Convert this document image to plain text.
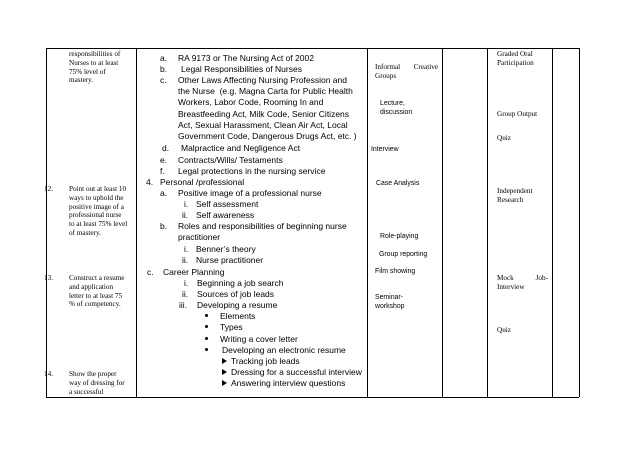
responsibilities of
Nurses to at least
75% level of
mastery.
12. Point out at least 10
ways to uphold the
positive image of a
professional nurse
to at least 75% level
of mastery.
13. Construct a resume
and application
letter to at least 75
% of competency.
14. Show the proper
way of dressing for
a successful
a. RA 9173 or The Nursing Act of 2002
b. Legal Responsibilities of Nurses
c. Other Laws Affecting Nursing Profession and
the Nurse  (e.g. Magna Carta for Public Health
Workers, Labor Code, Rooming In and
Breastfeeding Act, Milk Code, Senior Citizens
Act, Sexual Harassment, Clean Air Act, Local
Government Code, Dangerous Drugs Act, etc. )
d. Malpractice and Negligence Act
e. Contracts/Wills/ Testaments
f. Legal protections in the nursing service
4. Personal /professional
a. Positive image of a professional nurse
i. Self assessment
ii. Self awareness
b. Roles and responsibilities of beginning nurse
practitioner
i. Benner’s theory
ii. Nurse practitioner
c. Career Planning
i. Beginning a job search
ii. Sources of job leads
iii. Developing a resume
Elements
Types
Writing a cover letter
Developing an electronic resume
Tracking job leads
Dressing for a successful interview
Answering interview questions
Informal Creative
Groups
Lecture,
discussion
Interview
Case Analysis
Role-playing
Group reporting
Film showing
Seminar-
workshop
Graded Oral
Participation
Group Output
Quiz
Independent
Research
Mock	Job-
Interview
Quiz
